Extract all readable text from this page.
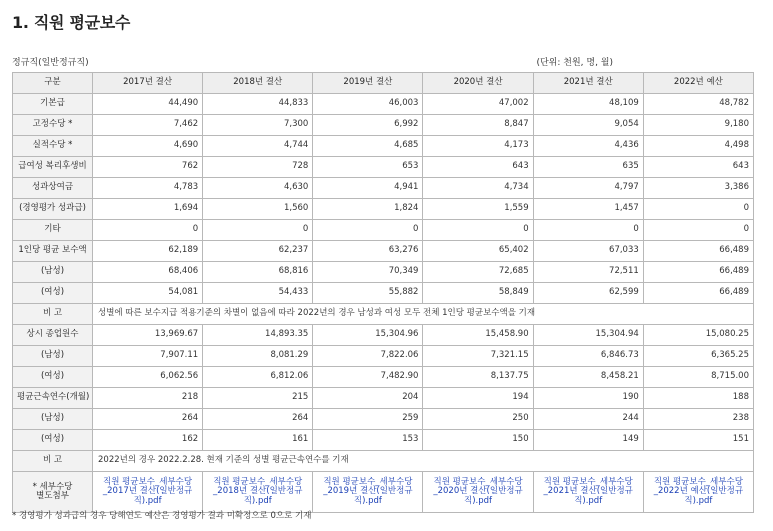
1. 직원 평균보수
정규직(일반정규직)	(단위: 천원, 명, 월)
구분	2017년 결산	2018년 결산	2019년 결산	2020년 결산	2021년 결산	2022년 예산
기본급	44,490	44,833	46,003	47,002	48,109	48,782
고정수당 *	7,462	7,300	6,992	8,847	9,054	9,180
실적수당 *	4,690	4,744	4,685	4,173	4,436	4,498
급여성 복리후생비	762	728	653	643	635	643
성과상여금	4,783	4,630	4,941	4,734	4,797	3,386
(경영평가 성과급)	1,694	1,560	1,824	1,559	1,457	0
기타	0	0	0	0	0	0
1인당 평균 보수액	62,189	62,237	63,276	65,402	67,033	66,489
(남성)	68,406	68,816	70,349	72,685	72,511	66,489
(여성)	54,081	54,433	55,882	58,849	62,599	66,489
비 고	성별에 따른 보수지급 적용기준의 차별이 없음에 따라 2022년의 경우 남성과 여성 모두 전체 1인당 평균보수액을 기재					
상시 종업원수	13,969.67	14,893.35	15,304.96	15,458.90	15,304.94	15,080.25
(남성)	7,907.11	8,081.29	7,822.06	7,321.15	6,846.73	6,365.25
(여성)	6,062.56	6,812.06	7,482.90	8,137.75	8,458.21	8,715.00
평균근속연수(개월)	218	215	204	194	190	188
(남성)	264	264	259	250	244	238
(여성)	162	161	153	150	149	151
비 고	2022년의 경우 2022.2.28. 현재 기준의 성별 평균근속연수를 기재					
* 세부수당
별도첨부	직원 평균보수_세부수당_2017년 결산(일반정규직).pdf	직원 평균보수_세부수당_2018년 결산(일반정규직).pdf	직원 평균보수_세부수당_2019년 결산(일반정규직).pdf	직원 평균보수_세부수당_2020년 결산(일반정규직).pdf	직원 평균보수_세부수당_2021년 결산(일반정규직).pdf	직원 평균보수_세부수당_2022년 예산(일반정규직).pdf
* 경영평가 성과급의 경우 당해연도 예산은 경영평가 결과 미확정으로 0으로 기재
